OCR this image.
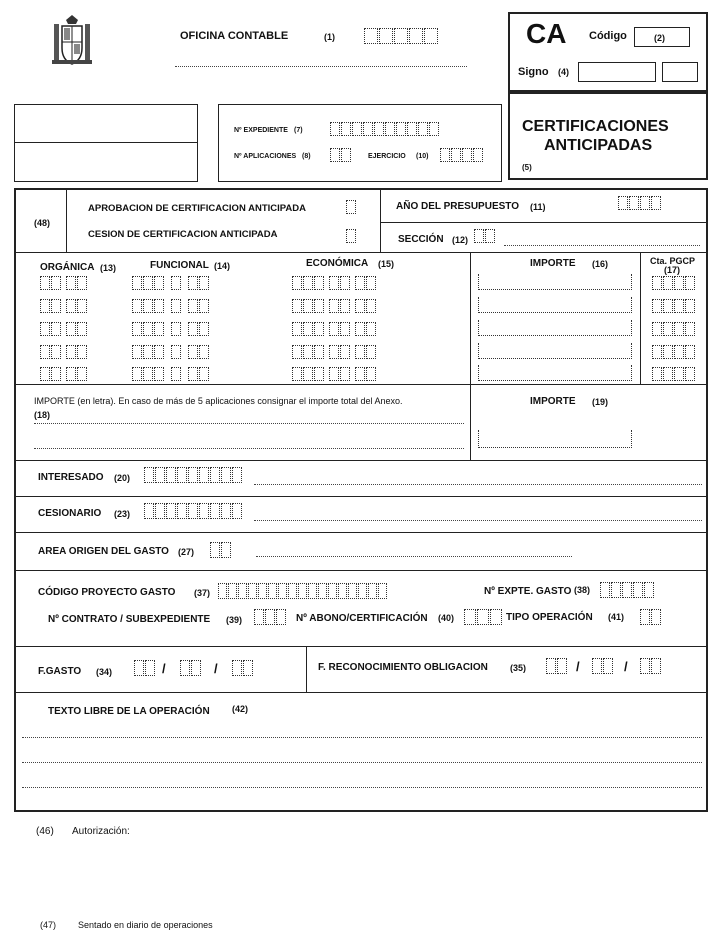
OFICINA CONTABLE	(1)	CA Código	(2)
Signo (4)
CERTIFICACIONES
ANTICIPADAS
(5)
Nº EXPEDIENTE (7)
Nº APLICACIONES (8)	EJERCICIO (10)
(48)
APROBACION DE CERTIFICACION ANTICIPADA
CESION DE CERTIFICACION ANTICIPADA
AÑO DEL PRESUPUESTO (11)
SECCIÓN (12)
ORGÁNICA (13)	FUNCIONAL (14)	ECONÓMICA (15)	IMPORTE (16)	Cta. PGCP
(17)
IMPORTE (en letra). En caso de más de 5 aplicaciones consignar el importe total del Anexo.
(18)
IMPORTE (19)
INTERESADO (20)
CESIONARIO (23)
AREA ORIGEN DEL GASTO (27)
CÓDIGO PROYECTO GASTO (37)	Nº EXPTE. GASTO (38)
Nº CONTRATO / SUBEXPEDIENTE (39)	Nº ABONO/CERTIFICACIÓN (40)	TIPO OPERACIÓN (41)
F.GASTO (34)	/	/	F. RECONOCIMIENTO OBLIGACION (35)	/	/
TEXTO LIBRE DE LA OPERACIÓN (42)
(46) Autorización:
(47) Sentado en diario de operaciones
